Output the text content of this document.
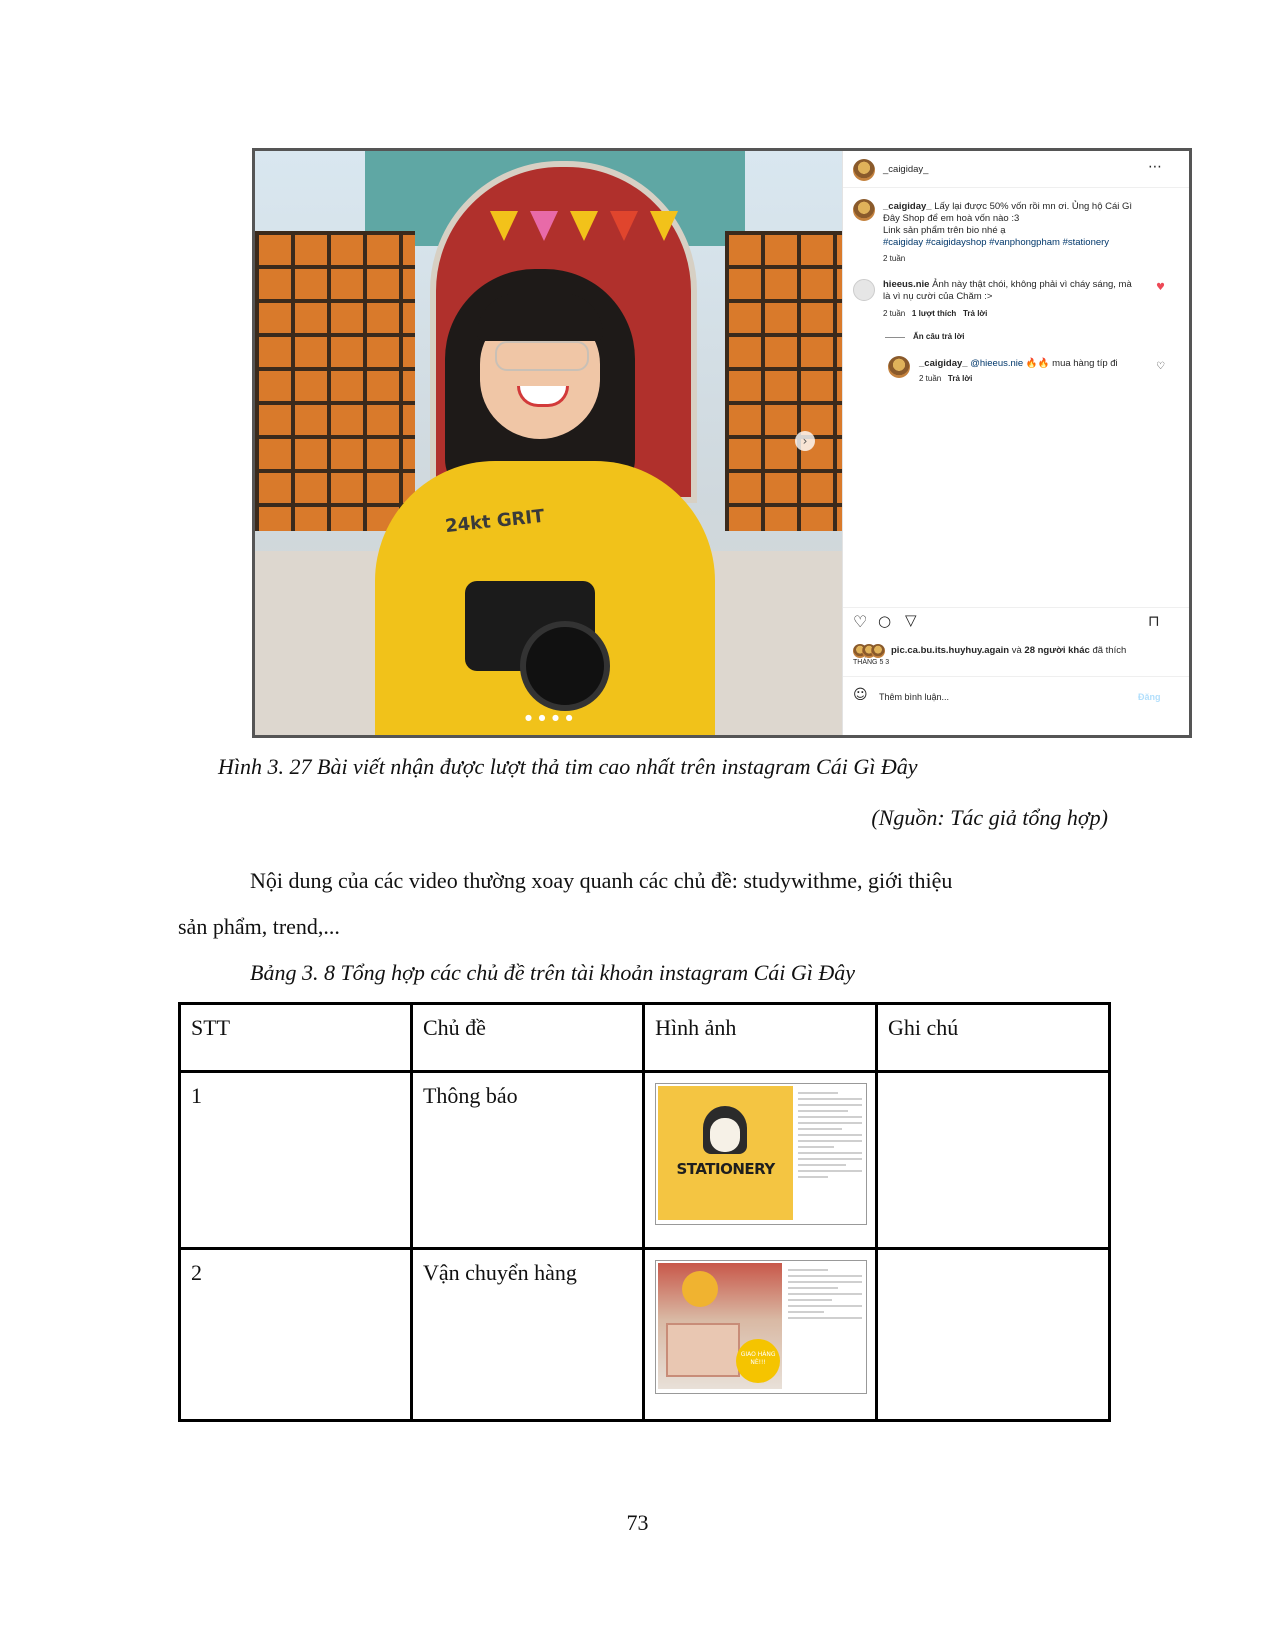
24kt GRIT
›
● ● ● ●
_caigiday_	⋯
_caigiday_ Lấy lại được 50% vốn rồi mn ơi. Ủng hộ Cái Gì Đây Shop để em hoà vốn nào :3
Link sản phẩm trên bio nhé ạ
#caigiday #caigidayshop #vanphongpham #stationery
2 tuần
hieeus.nie Ảnh này thật chói, không phải vì cháy sáng, mà là vì nụ cười của Chăm :>
♥
2 tuần 1 lượt thích Trả lời
Ẩn câu trả lời
_caigiday_ @hieeus.nie 🔥🔥 mua hàng típ đi	♡
2 tuần Trả lời
♡ ○ ▽	⊓
pic.ca.bu.its.huyhuy.again và 28 người khác đã thích
THÁNG 5 3
☺ Thêm bình luận...	Đăng
Hình 3. 27 Bài viết nhận được lượt thả tim cao nhất trên instagram Cái Gì Đây
(Nguồn: Tác giả tổng hợp)
Nội dung của các video thường xoay quanh các chủ đề: studywithme, giới thiệu
sản phẩm, trend,...
Bảng 3. 8 Tổng hợp các chủ đề trên tài khoản instagram Cái Gì Đây
STT	Chủ đề	Hình ảnh	Ghi chú
1	Thông báo	STATIONERY	

2	Vận chuyển hàng	GIAO HÀNG NÈ!!!	

73
